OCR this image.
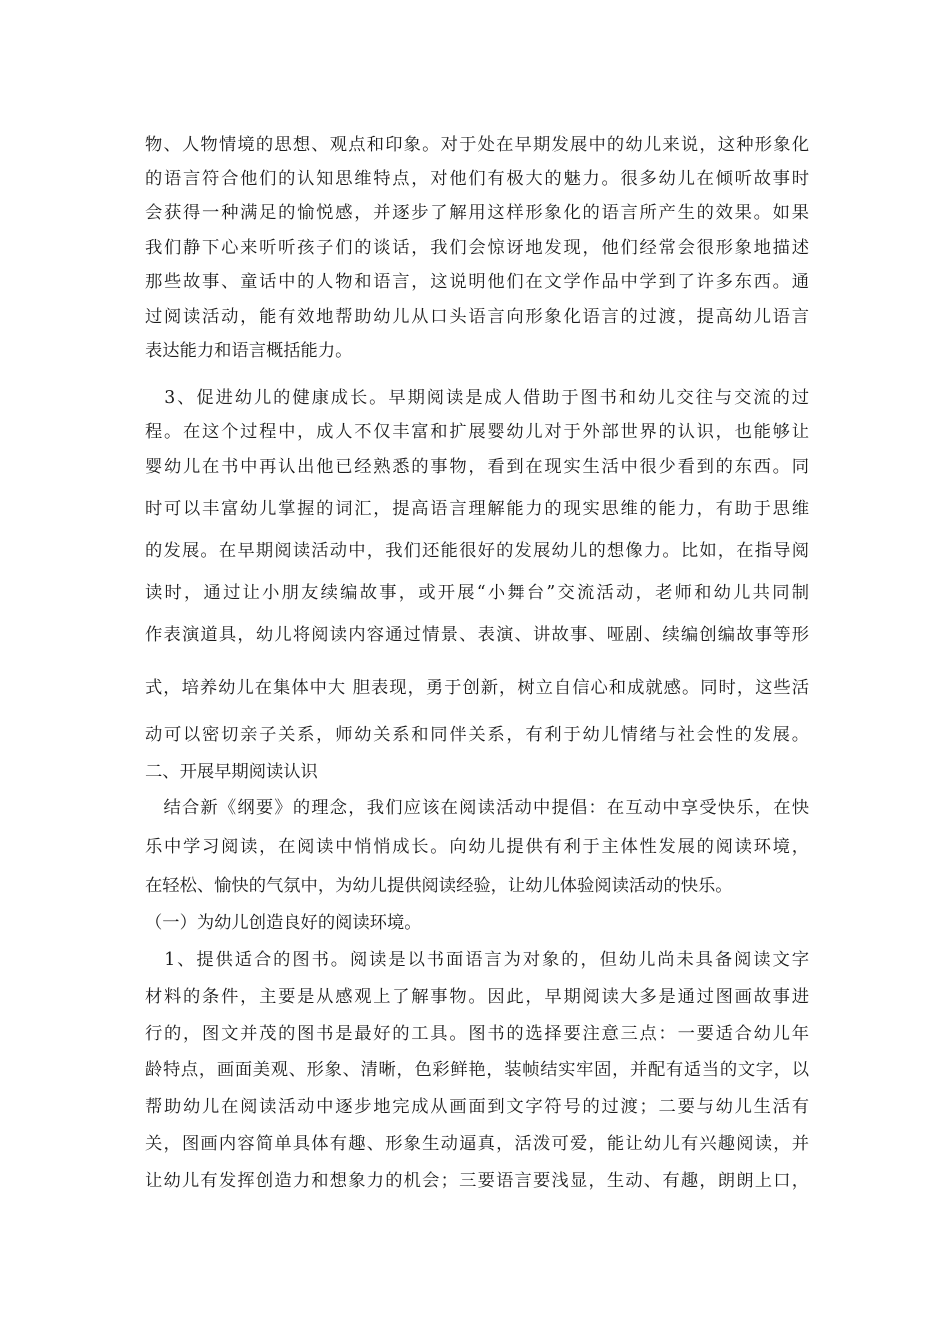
物、人物情境的思想、观点和印象。对于处在早期发展中的幼儿来说，这种形象化
的语言符合他们的认知思维特点，对他们有极大的魅力。很多幼儿在倾听故事时
会获得一种满足的愉悦感，并逐步了解用这样形象化的语言所产生的效果。如果
我们静下心来听听孩子们的谈话，我们会惊讶地发现，他们经常会很形象地描述
那些故事、童话中的人物和语言，这说明他们在文学作品中学到了许多东西。通
过阅读活动，能有效地帮助幼儿从口头语言向形象化语言的过渡，提高幼儿语言
表达能力和语言概括能力。
　3、促进幼儿的健康成长。早期阅读是成人借助于图书和幼儿交往与交流的过
程。在这个过程中，成人不仅丰富和扩展婴幼儿对于外部世界的认识，也能够让
婴幼儿在书中再认出他已经熟悉的事物，看到在现实生活中很少看到的东西。同
时可以丰富幼儿掌握的词汇，提高语言理解能力的现实思维的能力，有助于思维
的发展。在早期阅读活动中，我们还能很好的发展幼儿的想像力。比如，在指导阅
读时，通过让小朋友续编故事，或开展“小舞台”交流活动，老师和幼儿共同制
作表演道具，幼儿将阅读内容通过情景、表演、讲故事、哑剧、续编创编故事等形
式，培养幼儿在集体中大 胆表现，勇于创新，树立自信心和成就感。同时，这些活
动可以密切亲子关系，师幼关系和同伴关系，有利于幼儿情绪与社会性的发展。
二、开展早期阅读认识
　结合新《纲要》的理念，我们应该在阅读活动中提倡：在互动中享受快乐，在快
乐中学习阅读，在阅读中悄悄成长。向幼儿提供有利于主体性发展的阅读环境，
在轻松、愉快的气氛中，为幼儿提供阅读经验，让幼儿体验阅读活动的快乐。
（一）为幼儿创造良好的阅读环境。
　1、提供适合的图书。阅读是以书面语言为对象的，但幼儿尚未具备阅读文字
材料的条件，主要是从感观上了解事物。因此，早期阅读大多是通过图画故事进
行的，图文并茂的图书是最好的工具。图书的选择要注意三点：一要适合幼儿年
龄特点，画面美观、形象、清晰，色彩鲜艳，装帧结实牢固，并配有适当的文字，以
帮助幼儿在阅读活动中逐步地完成从画面到文字符号的过渡；二要与幼儿生活有
关，图画内容简单具体有趣、形象生动逼真，活泼可爱，能让幼儿有兴趣阅读，并
让幼儿有发挥创造力和想象力的机会；三要语言要浅显，生动、有趣，朗朗上口，
